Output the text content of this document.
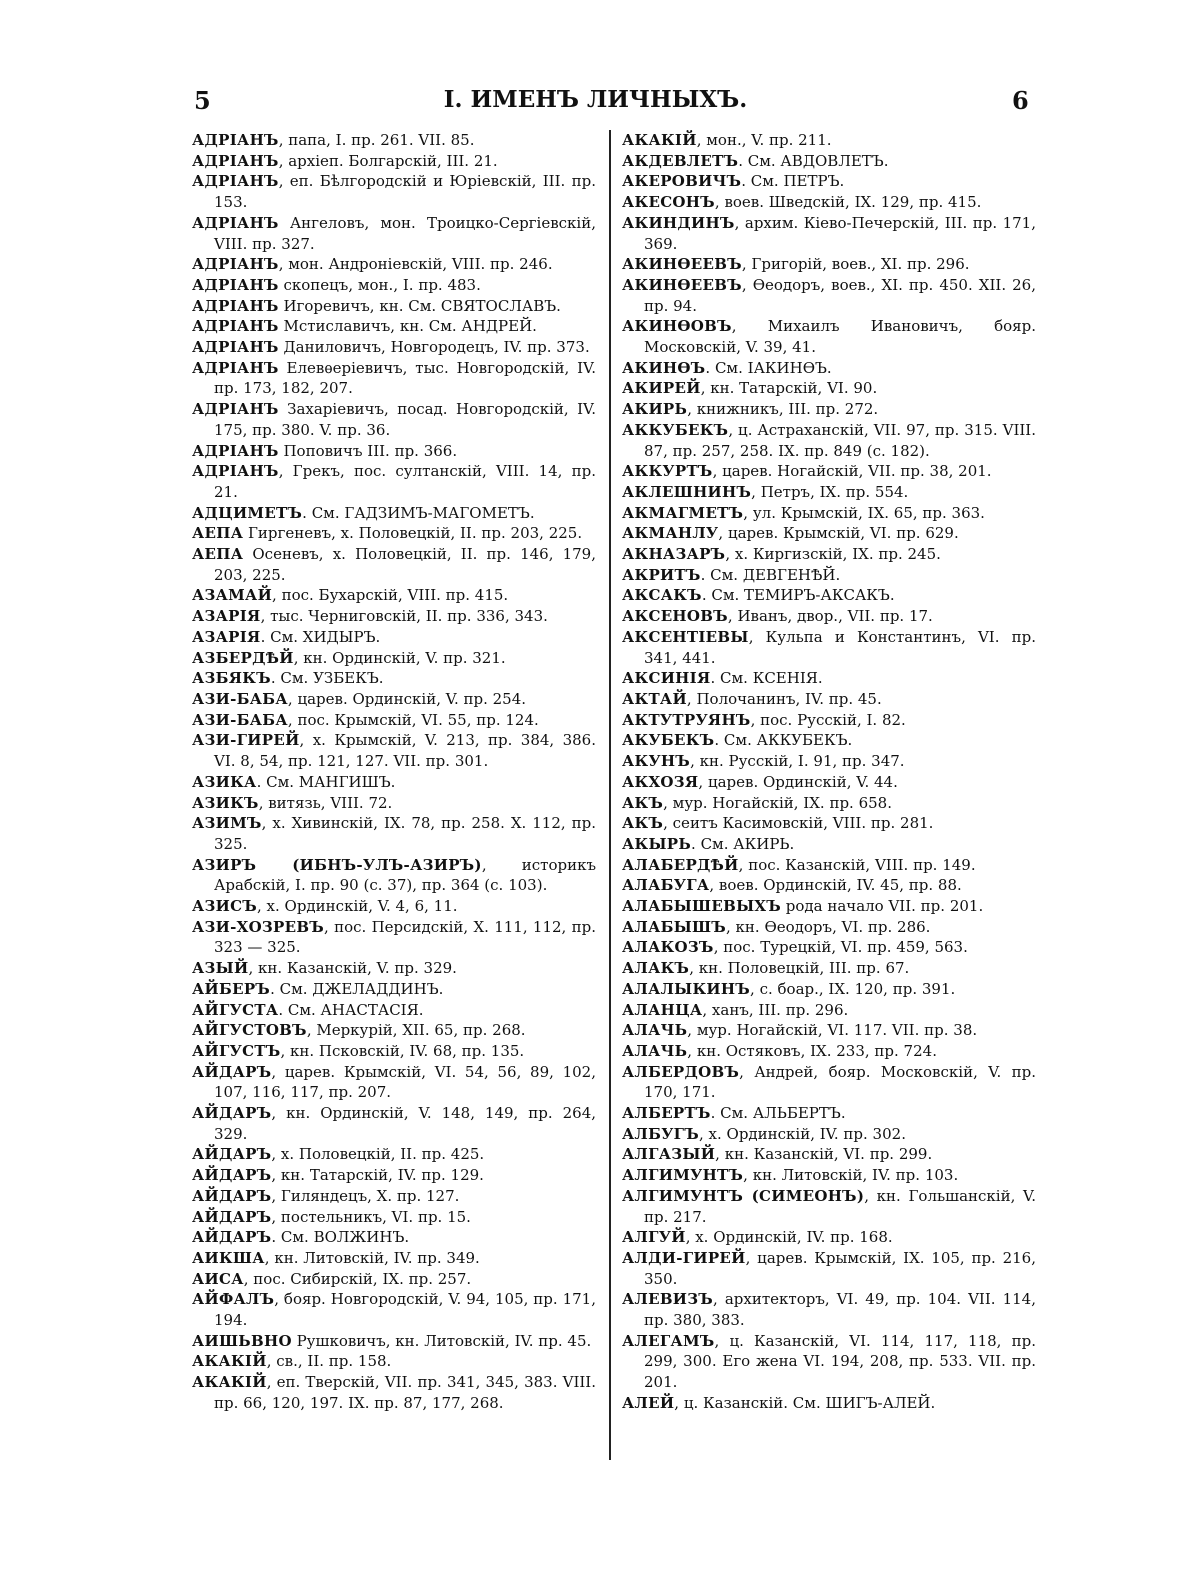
5	I. ИМЕНЪ ЛИЧНЫХЪ.	6

АДРІАНЪ, папа, I. пр. 261. VII. 85.

АДРІАНЪ, архіеп. Болгарскій, III. 21.

АДРІАНЪ, еп. Бѣлгородскій и Юріевскій, III. пр. 153.

АДРІАНЪ Ангеловъ, мон. Троицко-Сергіевскій, VIII. пр. 327.

АДРІАНЪ, мон. Андроніевскій, VIII. пр. 246.

АДРІАНЪ скопецъ, мон., I. пр. 483.

АДРІАНЪ Игоревичъ, кн. См. СВЯТОСЛАВЪ.

АДРІАНЪ Мстиславичъ, кн. См. АНДРЕЙ.

АДРІАНЪ Даниловичъ, Новгородецъ, IV. пр. 373.

АДРІАНЪ Елевѳеріевичъ, тыс. Новгородскій, IV. пр. 173, 182, 207.

АДРІАНЪ Захаріевичъ, посад. Новгородскій, IV. 175, пр. 380. V. пр. 36.

АДРІАНЪ Поповичъ III. пр. 366.

АДРІАНЪ, Грекъ, пос. султанскій, VIII. 14, пр. 21.

АДЦИМЕТЪ. См. ГАДЗИМЪ-МАГОМЕТЪ.

АЕПА Гиргеневъ, х. Половецкій, II. пр. 203, 225.

АЕПА Осеневъ, х. Половецкій, II. пр. 146, 179, 203, 225.

АЗАМАЙ, пос. Бухарскій, VIII. пр. 415.

АЗАРІЯ, тыс. Черниговскій, II. пр. 336, 343.

АЗАРІЯ. См. ХИДЫРЪ.

АЗБЕРДѢЙ, кн. Ординскій, V. пр. 321.

АЗБЯКЪ. См. УЗБЕКЪ.

АЗИ-БАБА, царев. Ординскій, V. пр. 254.

АЗИ-БАБА, пос. Крымскій, VI. 55, пр. 124.

АЗИ-ГИРЕЙ, х. Крымскій, V. 213, пр. 384, 386. VI. 8, 54, пр. 121, 127. VII. пр. 301.

АЗИКА. См. МАНГИШЪ.

АЗИКЪ, витязь, VIII. 72.

АЗИМЪ, х. Хивинскій, IX. 78, пр. 258. X. 112, пр. 325.

АЗИРЪ (ИБНЪ-УЛЪ-АЗИРЪ), историкъ Арабскій, I. пр. 90 (с. 37), пр. 364 (с. 103).

АЗИСЪ, х. Ординскій, V. 4, 6, 11.

АЗИ-ХОЗРЕВЪ, пос. Персидскій, X. 111, 112, пр. 323 — 325.

АЗЫЙ, кн. Казанскій, V. пр. 329.

АЙБЕРЪ. См. ДЖЕЛАДДИНЪ.

АЙГУСТА. См. АНАСТАСІЯ.

АЙГУСТОВЪ, Меркурій, XII. 65, пр. 268.

АЙГУСТЪ, кн. Псковскій, IV. 68, пр. 135.

АЙДАРЪ, царев. Крымскій, VI. 54, 56, 89, 102, 107, 116, 117, пр. 207.

АЙДАРЪ, кн. Ординскій, V. 148, 149, пр. 264, 329.

АЙДАРЪ, х. Половецкій, II. пр. 425.

АЙДАРЪ, кн. Татарскій, IV. пр. 129.

АЙДАРЪ, Гиляндецъ, X. пр. 127.

АЙДАРЪ, постельникъ, VI. пр. 15.

АЙДАРЪ. См. ВОЛЖИНЪ.

АИКША, кн. Литовскій, IV. пр. 349.

АИСА, пос. Сибирскій, IX. пр. 257.

АЙФАЛЪ, бояр. Новгородскій, V. 94, 105, пр. 171, 194.

АИШЬВНО Рушковичъ, кн. Литовскій, IV. пр. 45.

АКАКІЙ, св., II. пр. 158.

АКАКІЙ, еп. Тверскій, VII. пр. 341, 345, 383. VIII. пр. 66, 120, 197. IX. пр. 87, 177, 268.

АКАКІЙ, мон., V. пр. 211.

АКДЕВЛЕТЪ. См. АВДОВЛЕТЪ.

АКЕРОВИЧЪ. См. ПЕТРЪ.

АКЕСОНЪ, воев. Шведскій, IX. 129, пр. 415.

АКИНДИНЪ, архим. Кіево-Печерскій, III. пр. 171, 369.

АКИНѲЕЕВЪ, Григорій, воев., XI. пр. 296.

АКИНѲЕЕВЪ, Ѳеодоръ, воев., XI. пр. 450. XII. 26, пр. 94.

АКИНѲОВЪ, Михаилъ Ивановичъ, бояр. Московскій, V. 39, 41.

АКИНѲЪ. См. ІАКИНѲЪ.

АКИРЕЙ, кн. Татарскій, VI. 90.

АКИРЬ, книжникъ, III. пр. 272.

АККУБЕКЪ, ц. Астраханскій, VII. 97, пр. 315. VIII. 87, пр. 257, 258. IX. пр. 849 (с. 182).

АККУРТЪ, царев. Ногайскій, VII. пр. 38, 201.

АКЛЕШНИНЪ, Петръ, IX. пр. 554.

АКМАГМЕТЪ, ул. Крымскій, IX. 65, пр. 363.

АКМАНЛУ, царев. Крымскій, VI. пр. 629.

АКНАЗАРЪ, х. Киргизскій, IX. пр. 245.

АКРИТЪ. См. ДЕВГЕНѢЙ.

АКСАКЪ. См. ТЕМИРЪ-АКСАКЪ.

АКСЕНОВЪ, Иванъ, двор., VII. пр. 17.

АКСЕНТІЕВЫ, Кульпа и Константинъ, VI. пр. 341, 441.

АКСИНІЯ. См. КСЕНІЯ.

АКТАЙ, Полочанинъ, IV. пр. 45.

АКТУТРУЯНЪ, пос. Русскій, I. 82.

АКУБЕКЪ. См. АККУБЕКЪ.

АКУНЪ, кн. Русскій, I. 91, пр. 347.

АКХОЗЯ, царев. Ординскій, V. 44.

АКЪ, мур. Ногайскій, IX. пр. 658.

АКЪ, сеитъ Касимовскій, VIII. пр. 281.

АКЫРЬ. См. АКИРЬ.

АЛАБЕРДѢЙ, пос. Казанскій, VIII. пр. 149.

АЛАБУГА, воев. Ординскій, IV. 45, пр. 88.

АЛАБЫШЕВЫХЪ рода начало VII. пр. 201.

АЛАБЫШЪ, кн. Ѳеодоръ, VI. пр. 286.

АЛАКОЗЪ, пос. Турецкій, VI. пр. 459, 563.

АЛАКЪ, кн. Половецкій, III. пр. 67.

АЛАЛЫКИНЪ, с. боар., IX. 120, пр. 391.

АЛАНЦА, ханъ, III. пр. 296.

АЛАЧЬ, мур. Ногайскій, VI. 117. VII. пр. 38.

АЛАЧЬ, кн. Остяковъ, IX. 233, пр. 724.

АЛБЕРДОВЪ, Андрей, бояр. Московскій, V. пр. 170, 171.

АЛБЕРТЪ. См. АЛЬБЕРТЪ.

АЛБУГЪ, х. Ординскій, IV. пр. 302.

АЛГАЗЫЙ, кн. Казанскій, VI. пр. 299.

АЛГИМУНТЪ, кн. Литовскій, IV. пр. 103.

АЛГИМУНТЪ (СИМЕОНЪ), кн. Гольшанскій, V. пр. 217.

АЛГУЙ, х. Ординскій, IV. пр. 168.

АЛДИ-ГИРЕЙ, царев. Крымскій, IX. 105, пр. 216, 350.

АЛЕВИЗЪ, архитекторъ, VI. 49, пр. 104. VII. 114, пр. 380, 383.

АЛЕГАМЪ, ц. Казанскій, VI. 114, 117, 118, пр. 299, 300. Его жена VI. 194, 208, пр. 533. VII. пр. 201.

АЛЕЙ, ц. Казанскій. См. ШИГЪ-АЛЕЙ.
